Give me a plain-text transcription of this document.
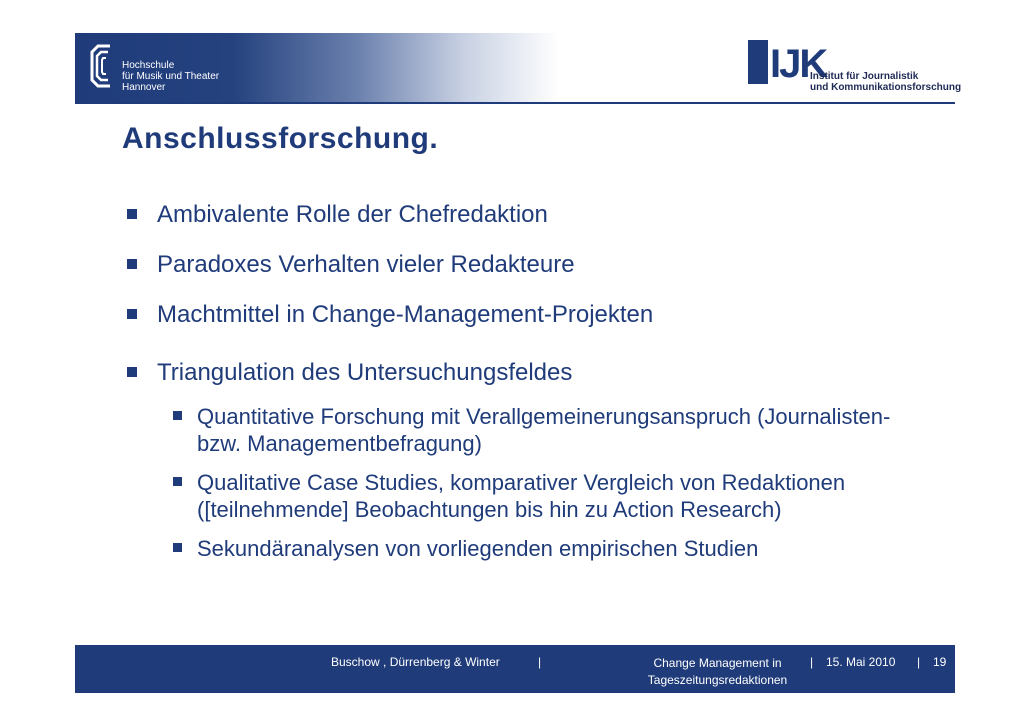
Hochschule
für Musik und Theater
Hannover
IJK
Institut für Journalistik
und Kommunikationsforschung
Anschlussforschung.
Ambivalente Rolle der Chefredaktion
Paradoxes Verhalten vieler Redakteure
Machtmittel in Change-Management-Projekten
Triangulation des Untersuchungsfeldes
Quantitative Forschung mit Verallgemeinerungsanspruch (Journalisten- bzw. Managementbefragung)
Qualitative Case Studies, komparativer Vergleich von Redaktionen ([teilnehmende] Beobachtungen bis hin zu Action Research)
Sekundäranalysen von vorliegenden empirischen Studien
Buschow , Dürrenberg & Winter	|	Change Management in Tageszeitungsredaktionen
| 15. Mai 2010 | 19
